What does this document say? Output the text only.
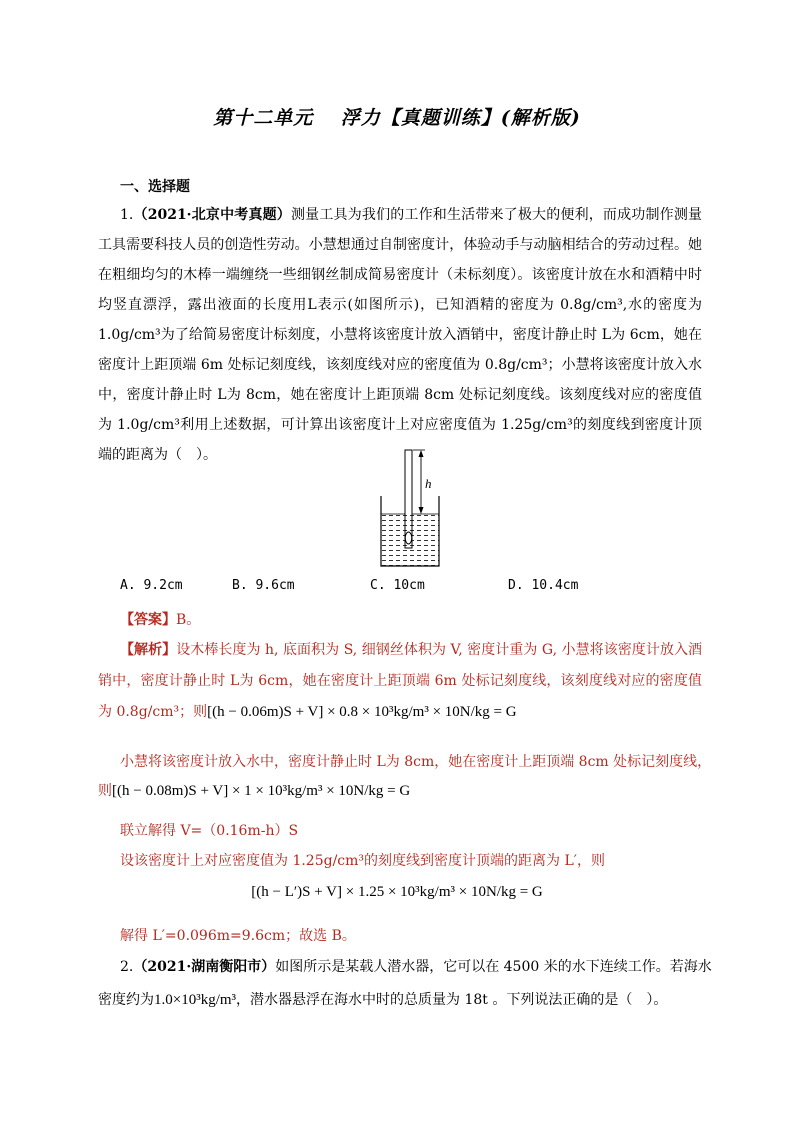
第十二单元　 浮力【真题训练】(解析版)
一、选择题

1.（2021·北京中考真题）测量工具为我们的工作和生活带来了极大的便利，而成功制作测量工具需要科技人员的创造性劳动。小慧想通过自制密度计，体验动手与动脑相结合的劳动过程。她在粗细均匀的木棒一端缠绕一些细钢丝制成简易密度计（未标刻度）。该密度计放在水和酒精中时均竖直漂浮，露出液面的长度用L表示(如图所示)，已知酒精的密度为 0.8g/cm³,水的密度为 1.0g/cm³为了给简易密度计标刻度，小慧将该密度计放入酒销中，密度计静止时 L为 6cm，她在密度计上距顶端 6m 处标记刻度线，该刻度线对应的密度值为 0.8g/cm³；小慧将该密度计放入水中，密度计静止时 L为 8cm，她在密度计上距顶端 8cm 处标记刻度线。该刻度线对应的密度值为 1.0g/cm³利用上述数据，可计算出该密度计上对应密度值为 1.25g/cm³的刻度线到密度计顶端的距离为（　）。

h
A. 9.2cm	B. 9.6cm	C. 10cm	D. 10.4cm
【答案】B。

【解析】设木棒长度为 h, 底面积为 S, 细钢丝体积为 V, 密度计重为 G, 小慧将该密度计放入酒销中，密度计静止时 L为 6cm，她在密度计上距顶端 6m 处标记刻度线，该刻度线对应的密度值为 0.8g/cm³；则[(h − 0.06m)S + V] × 0.8 × 10³kg/m³ × 10N/kg = G

小慧将该密度计放入水中，密度计静止时 L为 8cm，她在密度计上距顶端 8cm 处标记刻度线，
则[(h − 0.08m)S + V] × 1 × 10³kg/m³ × 10N/kg = G
联立解得 V=（0.16m-h）S
设该密度计上对应密度值为 1.25g/cm³的刻度线到密度计顶端的距离为 L′，则
[(h − L′)S + V] × 1.25 × 10³kg/m³ × 10N/kg = G
解得 L′=0.096m=9.6cm；故选 B。
2.（2021·湖南衡阳市）如图所示是某载人潜水器，它可以在 4500 米的水下连续工作。若海水
密度约为1.0×10³kg/m³，潜水器悬浮在海水中时的总质量为 18t 。下列说法正确的是（　）。
